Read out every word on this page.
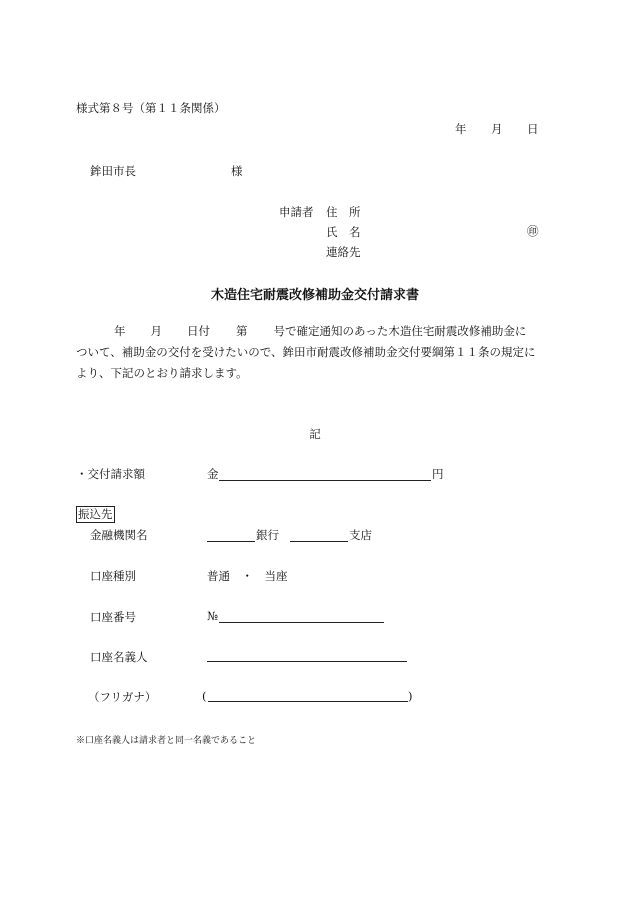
様式第８号（第１１条関係）
年 月 日
鉾田市長	様
申請者 住　所
氏　名	㊞
連絡先
木造住宅耐震改修補助金交付請求書
年 月 日付 第 号で確定通知のあった木造住宅耐震改修補助金に
ついて、補助金の交付を受けたいので、鉾田市耐震改修補助金交付要綱第１１条の規定に
より、下記のとおり請求します。
記
・交付請求額	金	円
振込先
金融機関名	銀行	支店
口座種別	普通　・　当座
口座番号	№
口座名義人
（フリガナ）	(	)
※口座名義人は請求者と同一名義であること
